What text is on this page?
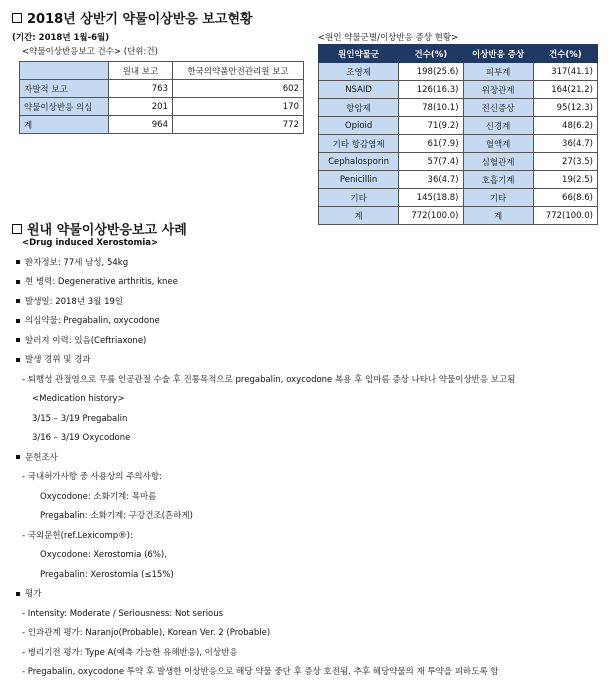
2018년 상반기 약물이상반응 보고현황
(기간: 2018년 1월-6월)
<약물이상반응보고 건수> (단위:건)
<원인 약물군별/이상반응 증상 현황>
	원내 보고	한국의약품안전관리원 보고
자발적 보고	763	602
약물이상반응 의심	201	170
계	964	772
원인약물군	건수(%)	이상반응 증상	건수(%)
조영제	198(25.6)	피부계	317(41.1)
NSAID	126(16.3)	위장관계	164(21.2)
항암제	78(10.1)	전신증상	95(12.3)
Opioid	71(9.2)	신경계	48(6.2)
기타 항감염제	61(7.9)	혈액계	36(4.7)
Cephalosporin	57(7.4)	심혈관계	27(3.5)
Penicillin	36(4.7)	호흡기계	19(2.5)
기타	145(18.8)	기타	66(8.6)
계	772(100.0)	계	772(100.0)
원내 약물이상반응보고 사례
<Drug induced Xerostomia>
환자정보: 77세 남성, 54kg
현 병력: Degenerative arthritis, knee
발생일: 2018년 3월 19일
의심약물: Pregabalin, oxycodone
알러지 이력: 있음(Ceftriaxone)
발생 경위 및 경과
- 퇴행성 관절염으로 무릎 인공관절 수술 후 진통목적으로 pregabalin, oxycodone 복용 후 입마름 증상 나타나 약물이상반응 보고됨
<Medication history>
3/15 – 3/19 Pregabalin
3/16 – 3/19 Oxycodone
문헌조사
- 국내허가사항 중 사용상의 주의사항:
Oxycodone: 소화기계: 목마름
Pregabalin: 소화기계: 구강건조(흔하게)
- 국외문헌(ref.Lexicomp®):
Oxycodone: Xerostomia (6%),
Pregabalin: Xerostomia (≤15%)
평가
- Intensity: Moderate / Seriousness: Not serious
- 인과관계 평가: Naranjo(Probable), Korean Ver. 2 (Probable)
- 병리기전 평가: Type A(예측 가능한 유해반응), 이상반응
- Pregabalin, oxycodone 투약 후 발생한 이상반응으로 해당 약물 중단 후 증상 호전됨. 추후 해당약물의 재 투약을 피하도록 함
